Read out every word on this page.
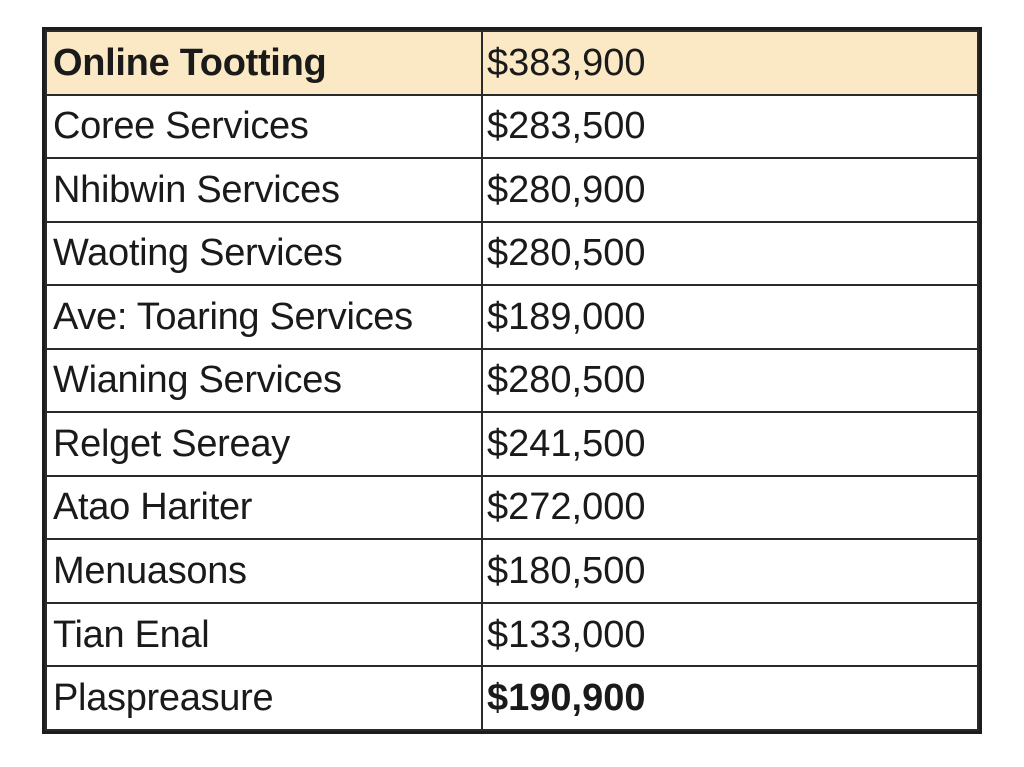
Online Tootting	$383,900
Corее Services	$283,500
Nhibwin Services	$280,900
Waoting Services	$280,500
Ave: Toaring Services	$189,000
Wianing Services	$280,500
Relget Sereay	$241,500
Atao Hariter	$272,000
Menuasons	$180,500
Tian Enal	$133,000
Plaspreasure	$190,900
